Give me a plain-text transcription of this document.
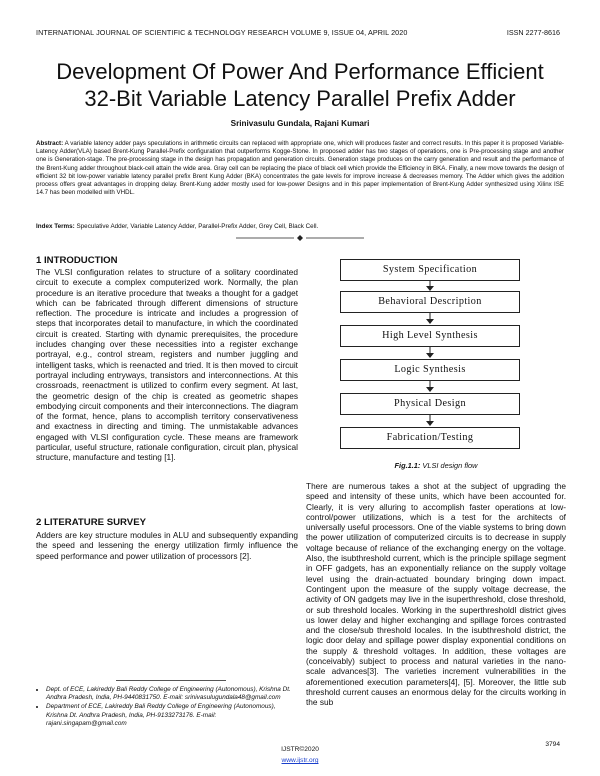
INTERNATIONAL JOURNAL OF SCIENTIFIC & TECHNOLOGY RESEARCH VOLUME 9, ISSUE 04, APRIL 2020	ISSN 2277-8616
Development Of Power And Performance Efficient
32-Bit Variable Latency Parallel Prefix Adder
Srinivasulu Gundala, Rajani Kumari
Abstract: A variable latency adder pays speculations in arithmetic circuits can replaced with appropriate one, which will produces faster and correct results. In this paper it is proposed Variable-Latency Adder(VLA) based Brent-Kung Parallel-Prefix configuration that outperforms Kogge-Stone. In proposed adder has two stages of operations, one is Pre-processing stage and another one is Generation-stage. The pre-processing stage in the design has propagation and generation circuits. Generation stage produces on the carry generation and result and the performance of the Brent-Kung adder throughout black-cell attain the wide area. Gray cell can be replacing the place of black cell which provide the Efficiency in BKA. Finally, a new move towards the design of efficient 32 bit low-power variable latency parallel prefix Brent Kung Adder (BKA) concentrates the gate levels for improve increase & decreases memory. The Adder which gives the addition process offers great advantages in dropping delay. Brent-Kung adder mostly used for low-power Designs and in this paper implementation of Brent-Kung Adder synthesized using Xilinx ISE 14.7 has been modelled with VHDL.
Index Terms: Speculative Adder, Variable Latency Adder, Parallel-Prefix Adder, Grey Cell, Black Cell.
1 INTRODUCTION
The VLSI configuration relates to structure of a solitary coordinated circuit to execute a complex computerized work. Normally, the plan procedure is an iterative procedure that tweaks a thought for a gadget which can be fabricated through different dimensions of structure reflection. The procedure is intricate and includes a progression of steps that incorporates detail to manufacture, in which the coordinated circuit is created. Starting with dynamic prerequisites, the procedure includes changing over these necessities into a register exchange portrayal, e.g., control stream, registers and number juggling and intelligent tasks, which is reenacted and tried. It is then moved to circuit portrayal including entryways, transistors and interconnections. At this crossroads, reenactment is utilized to confirm every segment. At last, the geometric design of the chip is created as geometric shapes embodying circuit components and their interconnections. The diagram of the format, hence, plans to accomplish territory conservativeness and exactness in directing and timing. The unmistakable advances engaged with VLSI configuration cycle. These means are framework particular, useful structure, rationale configuration, circuit plan, physical structure, manufacture and testing [1].
2 LITERATURE SURVEY
Adders are key structure modules in ALU and subsequently expanding the speed and lessening the energy utilization firmly influence the speed performance and power utilization of processors [2].
• Dept. of ECE, Lakireddy Bali Reddy College of Engineering (Autonomous), Krishna Dt. Andhra Pradesh, India, PH-9440831750. E-mail: srinivasulugundala48@gmail.com
• Department of ECE, Lakireddy Bali Reddy College of Engineering (Autonomous), Krishna Dt. Andhra Pradesh, India, PH-9133273176. E-mail: rajani.singapam@gmail.com
System Specification
Behavioral Description
High Level Synthesis
Logic Synthesis
Physical Design
Fabrication/Testing
Fig.1.1: VLSI design flow
There are numerous takes a shot at the subject of upgrading the speed and intensity of these units, which have been accounted for. Clearly, it is very alluring to accomplish faster operations at low-control/power utilizations, which is a test for the architects of universally useful processors. One of the viable systems to bring down the power utilization of computerized circuits is to decrease in supply voltage because of reliance of the exchanging energy on the voltage. Also, the isubthreshold current, which is the principle spillage segment in OFF gadgets, has an exponentially reliance on the supply voltage level using the drain-actuated boundary bringing down impact. Contingent upon the measure of the supply voltage decrease, the activity of ON gadgets may live in the isuperthreshold, close threshold, or sub threshold locales. Working in the superthresholdl district gives us lower delay and higher exchanging and spillage forces contrasted and the close/sub threshold locales. In the isubthreshold district, the logic door delay and spillage power display exponential conditions on the supply & threshold voltages. In addition, these voltages are (conceivably) subject to process and natural varieties in the nano-scale advances[3]. The varieties increment vulnerabilities in the aforementioned execution parameters[4], [5]. Moreover, the little sub threshold current causes an enormous delay for the circuits working in the sub
3794
IJSTR©2020
www.ijstr.org
